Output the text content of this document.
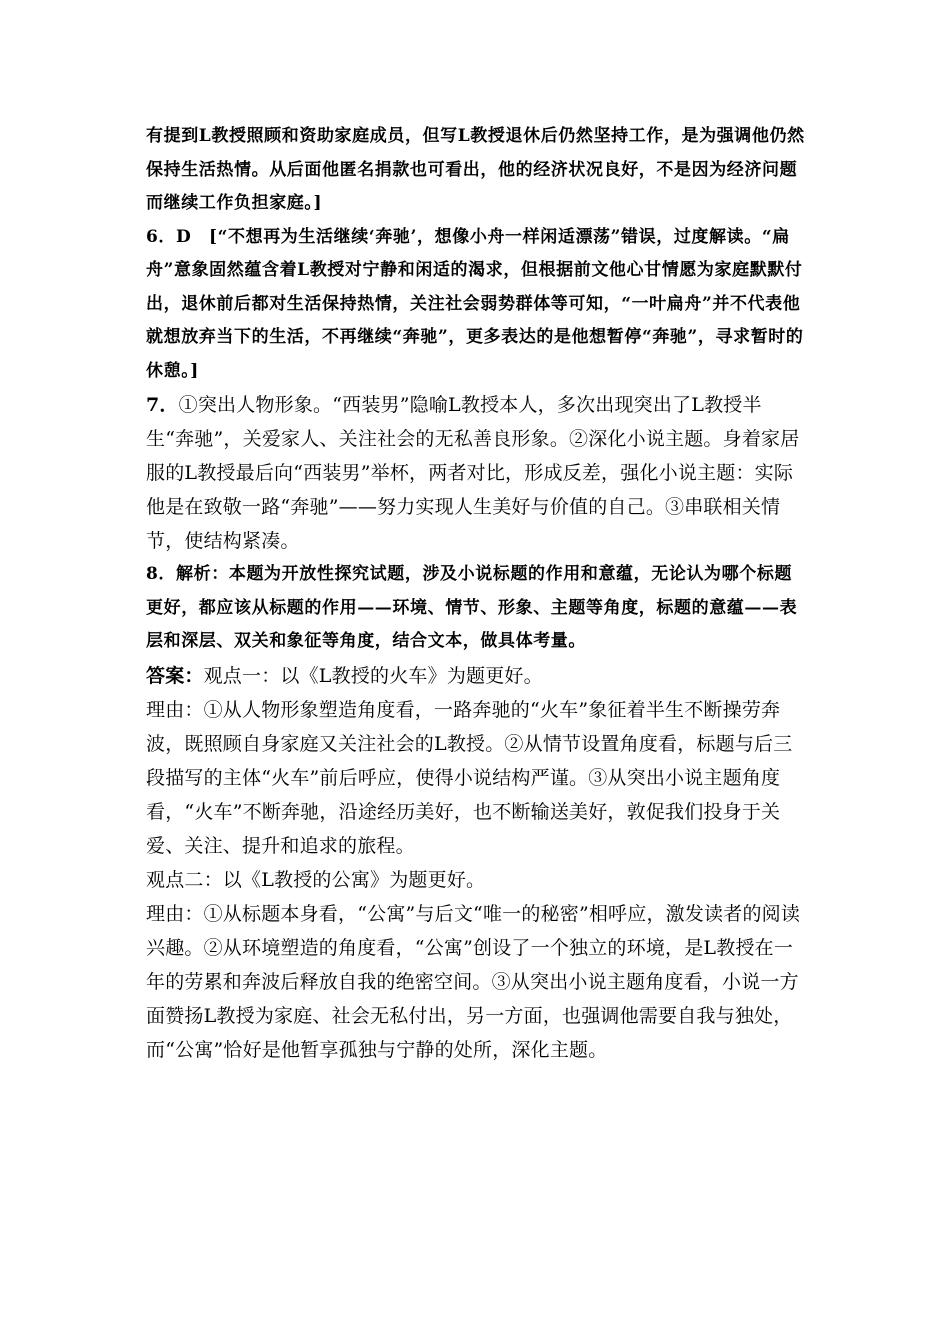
有提到L教授照顾和资助家庭成员，但写L教授退休后仍然坚持工作，是为强调他仍然保持生活热情。从后面他匿名捐款也可看出，他的经济状况良好，不是因为经济问题而继续工作负担家庭。]

6．D　[“不想再为生活继续‘奔驰’，想像小舟一样闲适漂荡”错误，过度解读。“扁舟”意象固然蕴含着L教授对宁静和闲适的渴求，但根据前文他心甘情愿为家庭默默付出，退休前后都对生活保持热情，关注社会弱势群体等可知，“一叶扁舟”并不代表他就想放弃当下的生活，不再继续“奔驰”，更多表达的是他想暂停“奔驰”，寻求暂时的休憩。]

7．①突出人物形象。“西装男”隐喻L教授本人，多次出现突出了L教授半生“奔驰”，关爱家人、关注社会的无私善良形象。②深化小说主题。身着家居服的L教授最后向“西装男”举杯，两者对比，形成反差，强化小说主题：实际他是在致敬一路“奔驰”——努力实现人生美好与价值的自己。③串联相关情节，使结构紧凑。

8．解析：本题为开放性探究试题，涉及小说标题的作用和意蕴，无论认为哪个标题更好，都应该从标题的作用——环境、情节、形象、主题等角度，标题的意蕴——表层和深层、双关和象征等角度，结合文本，做具体考量。

答案：观点一：以《L教授的火车》为题更好。

理由：①从人物形象塑造角度看，一路奔驰的“火车”象征着半生不断操劳奔波，既照顾自身家庭又关注社会的L教授。②从情节设置角度看，标题与后三段描写的主体“火车”前后呼应，使得小说结构严谨。③从突出小说主题角度看，“火车”不断奔驰，沿途经历美好，也不断输送美好，敦促我们投身于关爱、关注、提升和追求的旅程。

观点二：以《L教授的公寓》为题更好。

理由：①从标题本身看，“公寓”与后文“唯一的秘密”相呼应，激发读者的阅读兴趣。②从环境塑造的角度看，“公寓”创设了一个独立的环境，是L教授在一年的劳累和奔波后释放自我的绝密空间。③从突出小说主题角度看，小说一方面赞扬L教授为家庭、社会无私付出，另一方面，也强调他需要自我与独处，而“公寓”恰好是他暂享孤独与宁静的处所，深化主题。
